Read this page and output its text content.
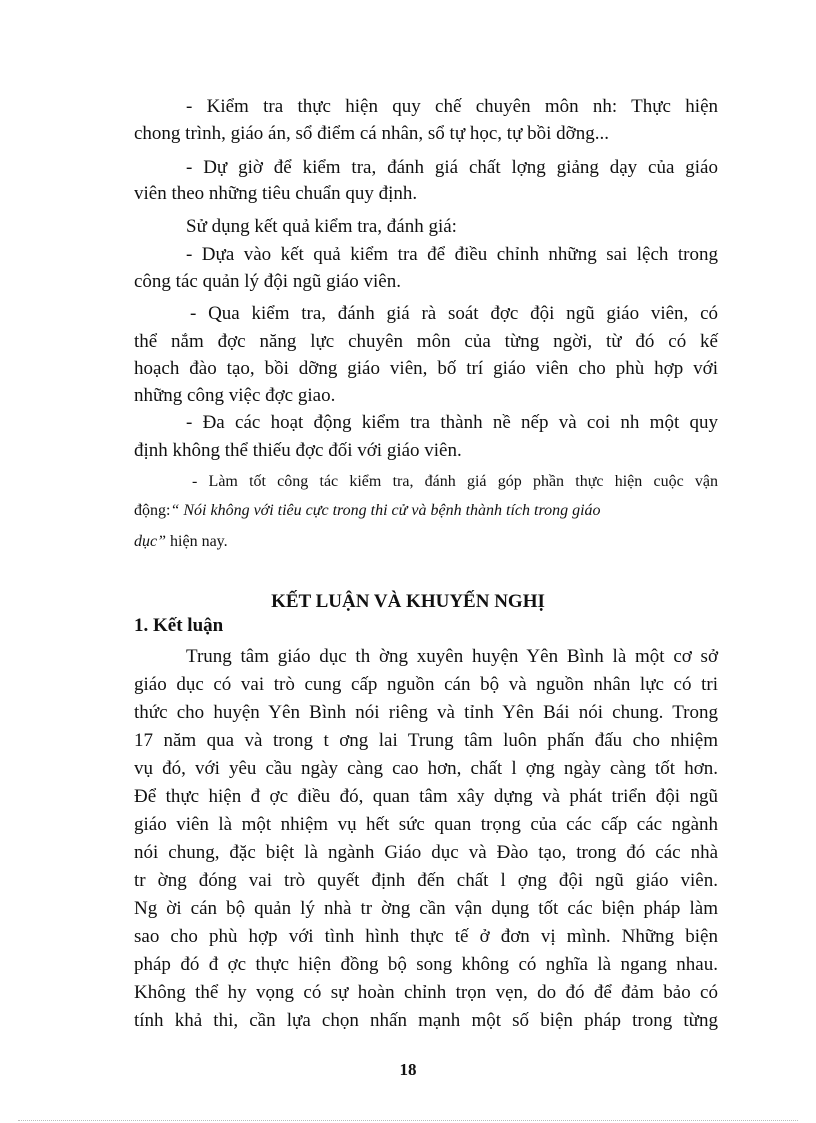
- Kiểm tra thực hiện quy chế chuyên môn nh: Thực hiện
chong trình, giáo án, sổ điểm cá nhân, sổ tự học, tự bồi dỡng...
- Dự giờ để kiểm tra, đánh giá chất lợng giảng dạy của giáo
viên theo những tiêu chuẩn quy định.
Sử dụng kết quả kiểm tra, đánh giá:
- Dựa vào kết quả kiểm tra để điều chỉnh những sai lệch trong
công tác quản lý đội ngũ giáo viên.
- Qua kiểm tra, đánh giá rà soát đợc đội ngũ giáo viên, có
thể nắm đợc năng lực chuyên môn của từng ngời, từ đó có kế
hoạch đào tạo, bồi dỡng giáo viên, bố trí giáo viên cho phù hợp với
những công việc đợc giao.
- Đa các hoạt động kiểm tra thành nề nếp và coi nh một quy
định không thể thiếu đợc đối với giáo viên.
- Làm tốt công tác kiểm tra, đánh giá góp phần thực hiện cuộc vận
động:“ Nói không với tiêu cực trong thi cử và bệnh thành tích trong giáo
dục” hiện nay.
KẾT LUẬN VÀ KHUYẾN NGHỊ
1. Kết luận
Trung tâm giáo dục th ờng xuyên huyện Yên Bình là một cơ sở
giáo dục có vai trò cung cấp nguồn cán bộ và nguồn nhân lực có tri
thức cho huyện Yên Bình nói riêng và tỉnh Yên Bái nói chung. Trong
17 năm qua và trong t ơng lai Trung tâm luôn phấn đấu cho nhiệm
vụ đó, với yêu cầu ngày càng cao hơn, chất l ợng ngày càng tốt hơn.
Để thực hiện đ ợc điều đó, quan tâm xây dựng và phát triển đội ngũ
giáo viên là một nhiệm vụ hết sức quan trọng của các cấp các ngành
nói chung, đặc biệt là ngành Giáo dục và Đào tạo, trong đó các nhà
tr ờng đóng vai trò quyết định đến chất l ợng đội ngũ giáo viên.
Ng ời cán bộ quản lý nhà tr ờng cần vận dụng tốt các biện pháp làm
sao cho phù hợp với tình hình thực tế ở đơn vị mình. Những biện
pháp đó đ ợc thực hiện đồng bộ song không có nghĩa là ngang nhau.
Không thể hy vọng có sự hoàn chỉnh trọn vẹn, do đó để đảm bảo có
tính khả thi, cần lựa chọn nhấn mạnh một số biện pháp trong từng
18
